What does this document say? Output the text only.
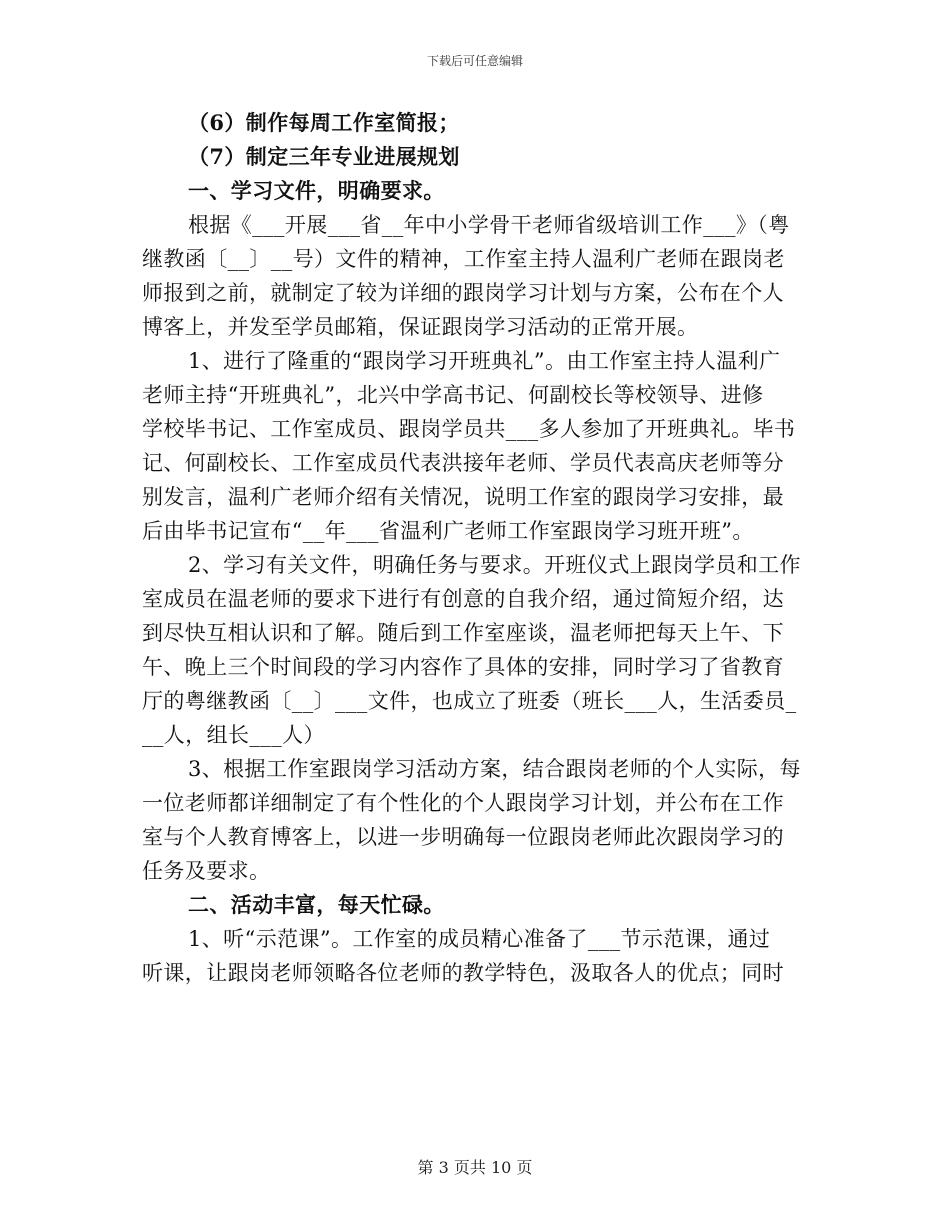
下载后可任意编辑
（6）制作每周工作室简报；
（7）制定三年专业进展规划
一、学习文件，明确要求。
根据《___开展___省__年中小学骨干老师省级培训工作___》（粤
继教函〔__〕__号）文件的精神，工作室主持人温利广老师在跟岗老
师报到之前，就制定了较为详细的跟岗学习计划与方案，公布在个人
博客上，并发至学员邮箱，保证跟岗学习活动的正常开展。
1、进行了隆重的“跟岗学习开班典礼”。由工作室主持人温利广
老师主持“开班典礼”，北兴中学高书记、何副校长等校领导、进修
学校毕书记、工作室成员、跟岗学员共___多人参加了开班典礼。毕书
记、何副校长、工作室成员代表洪接年老师、学员代表高庆老师等分
别发言，温利广老师介绍有关情况，说明工作室的跟岗学习安排，最
后由毕书记宣布“__年___省温利广老师工作室跟岗学习班开班”。
2、学习有关文件，明确任务与要求。开班仪式上跟岗学员和工作
室成员在温老师的要求下进行有创意的自我介绍，通过简短介绍，达
到尽快互相认识和了解。随后到工作室座谈，温老师把每天上午、下
午、晚上三个时间段的学习内容作了具体的安排，同时学习了省教育
厅的粤继教函〔__〕___文件，也成立了班委（班长___人，生活委员_
__人，组长___人）
3、根据工作室跟岗学习活动方案，结合跟岗老师的个人实际，每
一位老师都详细制定了有个性化的个人跟岗学习计划，并公布在工作
室与个人教育博客上，以进一步明确每一位跟岗老师此次跟岗学习的
任务及要求。
二、活动丰富，每天忙碌。
1、听“示范课”。工作室的成员精心准备了___节示范课，通过
听课，让跟岗老师领略各位老师的教学特色，汲取各人的优点；同时
第 3 页共 10 页
